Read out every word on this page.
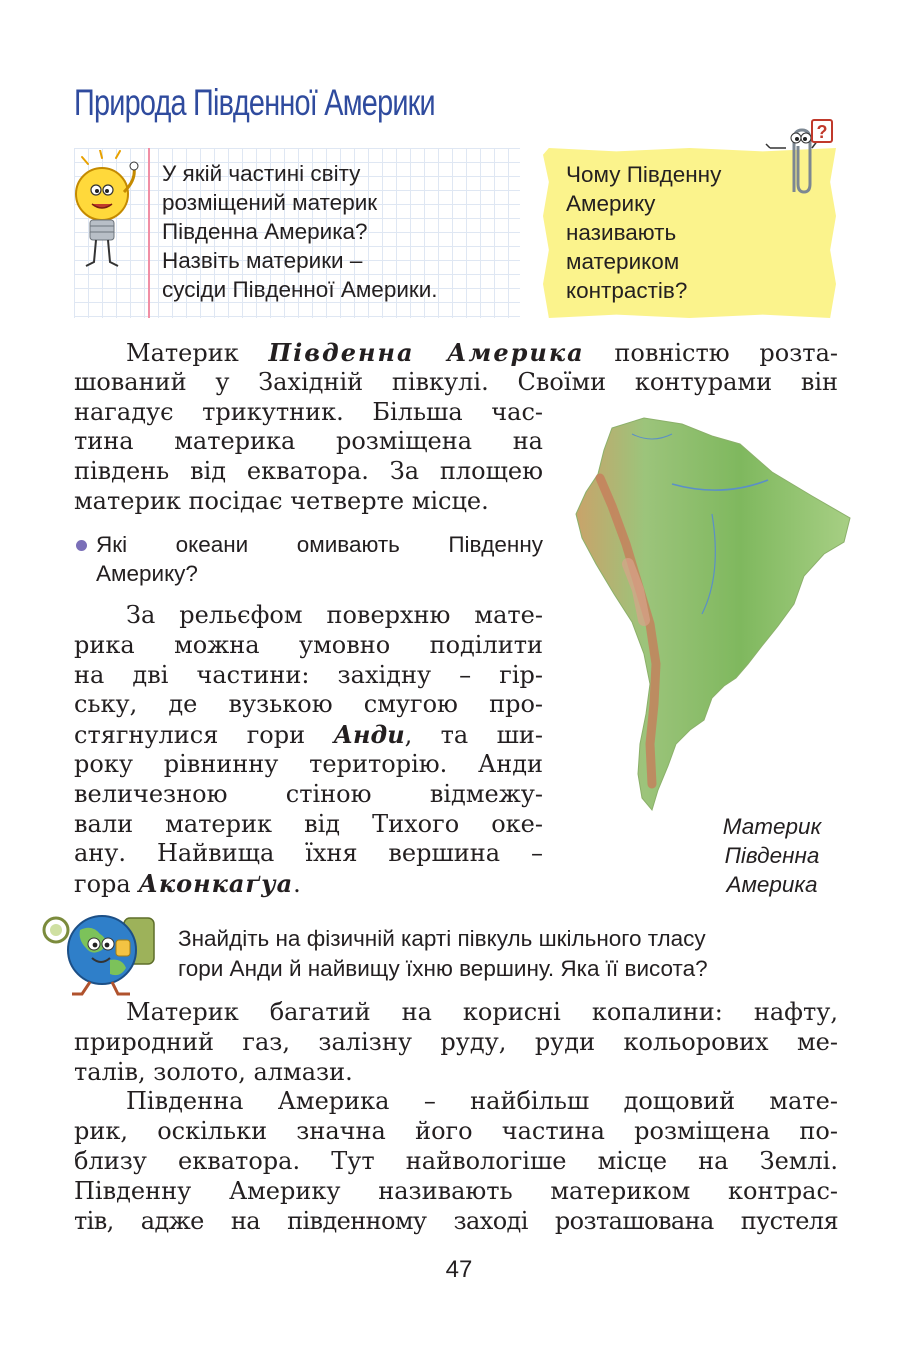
Природа Південної Америки
У якій частині світу
розміщений материк
Південна Америка?
Назвіть материки –
сусіди Південної Америки.
Чому Південну
Америку
називають
материком
контрастів?
?
Материк Південна Америка повністю розта-
шований у Західній півкулі. Своїми контурами він
нагадує трикутник. Більша час-
тина материка розміщена на
південь від екватора. За площею
материк посідає четверте місце.
Материк
Південна
Америка
Які океани омивають Південну
Америку?
За рельєфом поверхню мате-
рика можна умовно поділити
на дві частини: західну – гір-
ську, де вузькою смугою про-
стягнулися гори Анди, та ши-
року рівнинну територію. Анди
величезною стіною відмежу-
вали материк від Тихого оке-
ану. Найвища їхня вершина –
гора Аконкаґуа.
Знайдіть на фізичній карті півкуль шкільного тласу
гори Анди й найвищу їхню вершину. Яка її висота?
Материк багатий на корисні копалини: нафту,
природний газ, залізну руду, руди кольорових ме-
талів, золото, алмази.
Південна Америка – найбільш дощовий мате-
рик, оскільки значна його частина розміщена по-
близу екватора. Тут найвологіше місце на Землі.
Південну Америку називають материком контрас-
тів, адже на південному заході розташована пустеля
47
